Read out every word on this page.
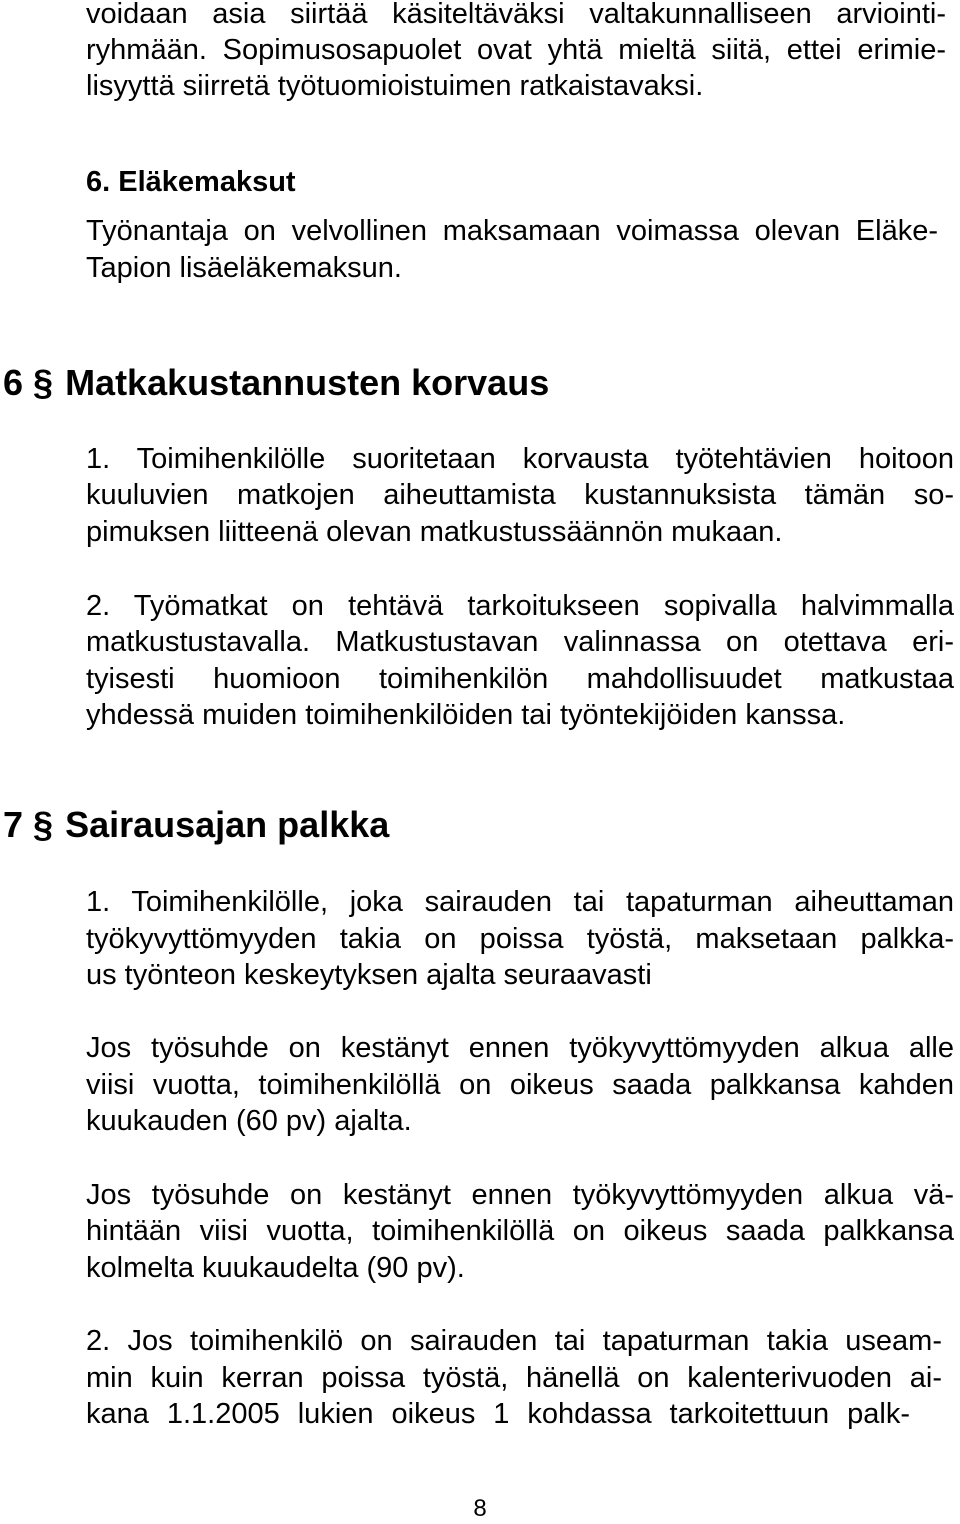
voidaan asia siirtää käsiteltäväksi valtakunnalliseen arviointi-
ryhmään. Sopimusosapuolet ovat yhtä mieltä siitä, ettei erimie-
lisyyttä siirretä työtuomioistuimen ratkaistavaksi.
6. Eläkemaksut
Työnantaja on velvollinen maksamaan voimassa olevan Eläke-
Tapion lisäeläkemaksun.
6 § Matkakustannusten korvaus
1. Toimihenkilölle suoritetaan korvausta työtehtävien hoitoon
kuuluvien matkojen aiheuttamista kustannuksista tämän so-
pimuksen liitteenä olevan matkustussäännön mukaan.
2. Työmatkat on tehtävä tarkoitukseen sopivalla halvimmalla
matkustustavalla. Matkustustavan valinnassa on otettava eri-
tyisesti huomioon toimihenkilön mahdollisuudet matkustaa
yhdessä muiden toimihenkilöiden tai työntekijöiden kanssa.
7 § Sairausajan palkka
1. Toimihenkilölle, joka sairauden tai tapaturman aiheuttaman
työkyvyttömyyden takia on poissa työstä, maksetaan palkka-
us työnteon keskeytyksen ajalta seuraavasti
Jos työsuhde on kestänyt ennen työkyvyttömyyden alkua alle
viisi vuotta, toimihenkilöllä on oikeus saada palkkansa kahden
kuukauden (60 pv) ajalta.
Jos työsuhde on kestänyt ennen työkyvyttömyyden alkua vä-
hintään viisi vuotta, toimihenkilöllä on oikeus saada palkkansa
kolmelta kuukaudelta (90 pv).
2. Jos toimihenkilö on sairauden tai tapaturman takia useam-
min kuin kerran poissa työstä, hänellä on kalenterivuoden ai-
kana 1.1.2005 lukien oikeus 1 kohdassa tarkoitettuun palk-
8
